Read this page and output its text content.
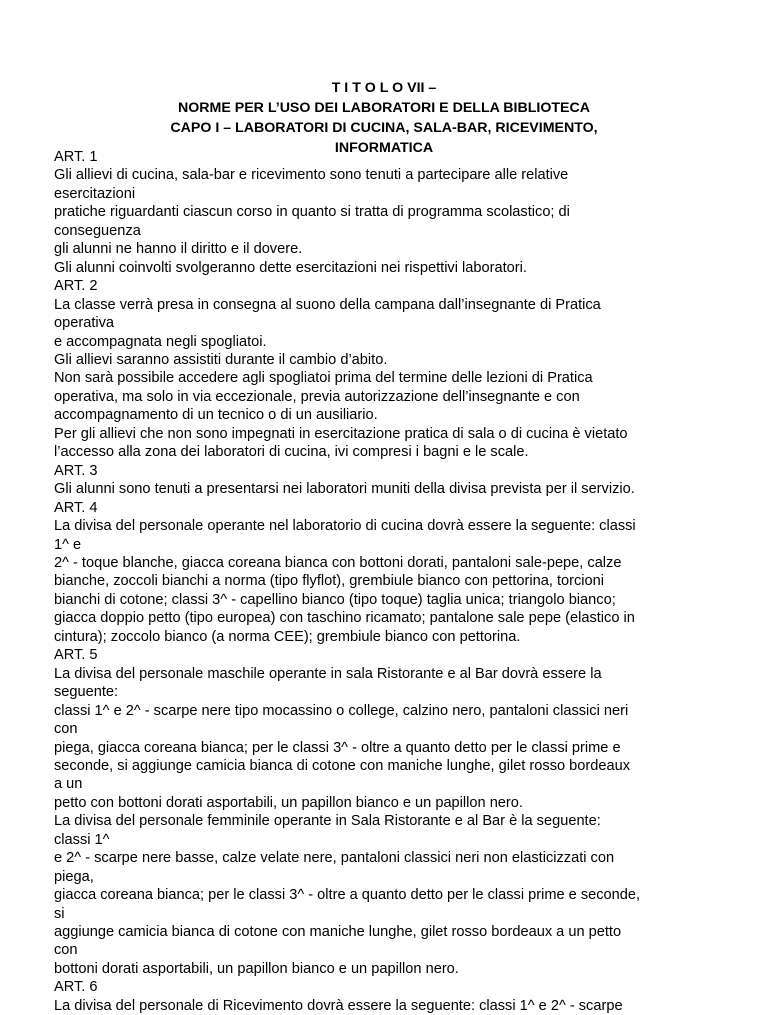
T I T O L O VII –
NORME PER L’USO DEI LABORATORI E DELLA BIBLIOTECA
CAPO I – LABORATORI DI CUCINA, SALA-BAR, RICEVIMENTO,
INFORMATICA
ART. 1
Gli allievi di cucina, sala-bar e ricevimento sono tenuti a partecipare alle relative
esercitazioni
pratiche riguardanti ciascun corso in quanto si tratta di programma scolastico; di
conseguenza
gli alunni ne hanno il diritto e il dovere.
Gli alunni coinvolti svolgeranno dette esercitazioni nei rispettivi laboratori.
ART. 2
La classe verrà presa in consegna al suono della campana dall’insegnante di Pratica
operativa
e accompagnata negli spogliatoi.
Gli allievi saranno assistiti durante il cambio d’abito.
Non sarà possibile accedere agli spogliatoi prima del termine delle lezioni di Pratica
operativa, ma solo in via eccezionale, previa autorizzazione dell’insegnante e con
accompagnamento di un tecnico o di un ausiliario.
Per gli allievi che non sono impegnati in esercitazione pratica di sala o di cucina è vietato
l’accesso alla zona dei laboratori di cucina, ivi compresi i bagni e le scale.
ART. 3
Gli alunni sono tenuti a presentarsi nei laboratori muniti della divisa prevista per il servizio.
ART. 4
La divisa del personale operante nel laboratorio di cucina dovrà essere la seguente: classi
1^ e
2^ - toque blanche, giacca coreana bianca con bottoni dorati, pantaloni sale-pepe, calze
bianche, zoccoli bianchi a norma (tipo flyflot), grembiule bianco con pettorina, torcioni
bianchi di cotone; classi 3^ - capellino bianco (tipo toque) taglia unica; triangolo bianco;
giacca doppio petto (tipo europea) con taschino ricamato; pantalone sale pepe (elastico in
cintura); zoccolo bianco (a norma CEE); grembiule bianco con pettorina.
ART. 5
La divisa del personale maschile operante in sala Ristorante e al Bar dovrà essere la
seguente:
classi 1^ e 2^ - scarpe nere tipo mocassino o college, calzino nero, pantaloni classici neri
con
piega, giacca coreana bianca; per le classi 3^ - oltre a quanto detto per le classi prime e
seconde, si aggiunge camicia bianca di cotone con maniche lunghe, gilet rosso bordeaux
a un
petto con bottoni dorati asportabili, un papillon bianco e un papillon nero.
La divisa del personale femminile operante in Sala Ristorante e al Bar è la seguente:
classi 1^
e 2^ - scarpe nere basse, calze velate nere, pantaloni classici neri non elasticizzati con
piega,
giacca coreana bianca; per le classi 3^ - oltre a quanto detto per le classi prime e seconde,
si
aggiunge camicia bianca di cotone con maniche lunghe, gilet rosso bordeaux a un petto
con
bottoni dorati asportabili, un papillon bianco e un papillon nero.
ART. 6
La divisa del personale di Ricevimento dovrà essere la seguente: classi 1^ e 2^ - scarpe
